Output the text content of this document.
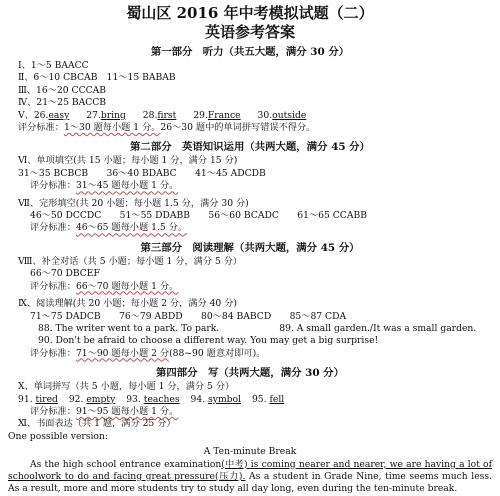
蜀山区 2016 年中考模拟试题（二）
英语参考答案
第一部分　听力（共五大题，满分 30 分）
Ⅰ、1～5 BAACC
Ⅱ、6～10 CBCAB　11～15 BABAB
Ⅲ、16～20 CCCAB
Ⅳ、21～25 BACCB
Ⅴ、26.easy 27.bring 28.first 29.France 30.outside
评分标准：1～30 题每小题 1 分。26～30 题中的单词拼写错误不得分。
第二部分　英语知识运用（共两大题，满分 45 分）
Ⅵ、单项填空(共 15 小题；每小题 1 分，满分 15 分)
31～35 BCBCB　　36～40 BDABC　　41～45 ADCDB
评分标准：31～45 题每小题 1 分。
Ⅶ、完形填空(共 20 小题；每小题 1.5 分，满分 30 分)
46～50 DCCDC　　51～55 DDABB　　56～60 BCADC　　61～65 CCABB
评分标准：46～65 题每小题 1.5 分。
第三部分　阅读理解（共两大题，满分 45 分）
Ⅷ、补全对话（共 5 小题；每小题 1 分，满分 5 分）
66～70 DBCEF
评分标准：66～70 题每小题 1 分。
Ⅸ、阅读理解(共 20 小题；每小题 2 分，满分 40 分)
71～75 DADCB　　76～79 ABDD　　80～84 BABCD　　85～87 CDA
88. The writer went to a park. To park.	89. A small garden./It was a small garden.
90. Don't be afraid to choose a different way. You may get a big surprise!
评分标准：71～90 题每小题 2 分(88~90 题意对即可)。
第四部分　写（共两大题，满分 30 分）
Ⅹ、单词拼写（共 5 小题，每小题 1 分，满分 5 分）
91. tired 92. empty 93. teaches 94. symbol 95. fell
评分标准：91～95 题每小题 1 分。
Ⅺ、书面表达（共 1 题，满分 25 分）
One possible version:
A Ten-minute Break

As the high school entrance examination(中考) is coming nearer and nearer, we are having a lot of schoolwork to do and facing great pressure(压力). As a student in Grade Nine, time seems much less. As a result, more and more students try to study all day long, even during the ten-minute break.
